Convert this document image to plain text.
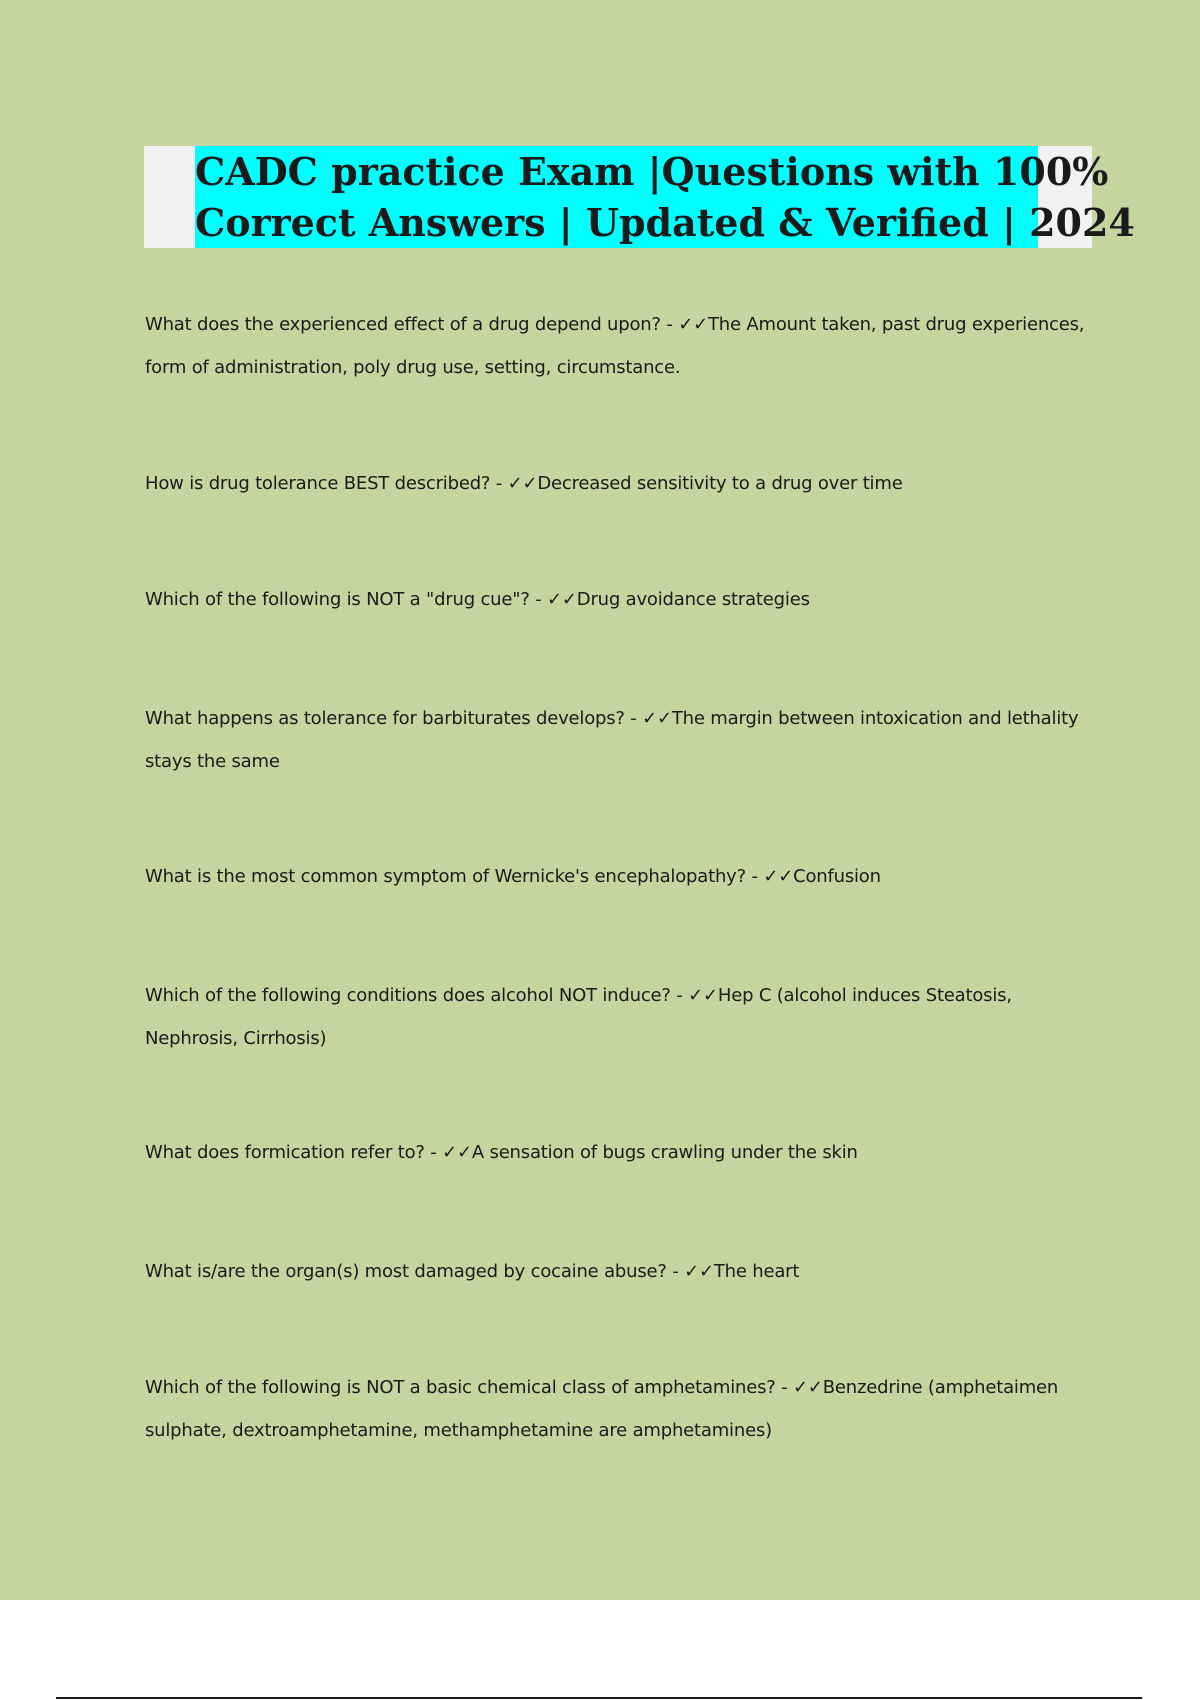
CADC practice Exam |Questions with 100%
Correct Answers | Updated & Verified | 2024

What does the experienced effect of a drug depend upon? - ✓✓The Amount taken, past drug experiences, form of administration, poly drug use, setting, circumstance.

How is drug tolerance BEST described? - ✓✓Decreased sensitivity to a drug over time

Which of the following is NOT a "drug cue"? - ✓✓Drug avoidance strategies

What happens as tolerance for barbiturates develops? - ✓✓The margin between intoxication and lethality stays the same

What is the most common symptom of Wernicke's encephalopathy? - ✓✓Confusion

Which of the following conditions does alcohol NOT induce? - ✓✓Hep C (alcohol induces Steatosis, Nephrosis, Cirrhosis)

What does formication refer to? - ✓✓A sensation of bugs crawling under the skin

What is/are the organ(s) most damaged by cocaine abuse? - ✓✓The heart

Which of the following is NOT a basic chemical class of amphetamines? - ✓✓Benzedrine (amphetaimen sulphate, dextroamphetamine, methamphetamine are amphetamines)
